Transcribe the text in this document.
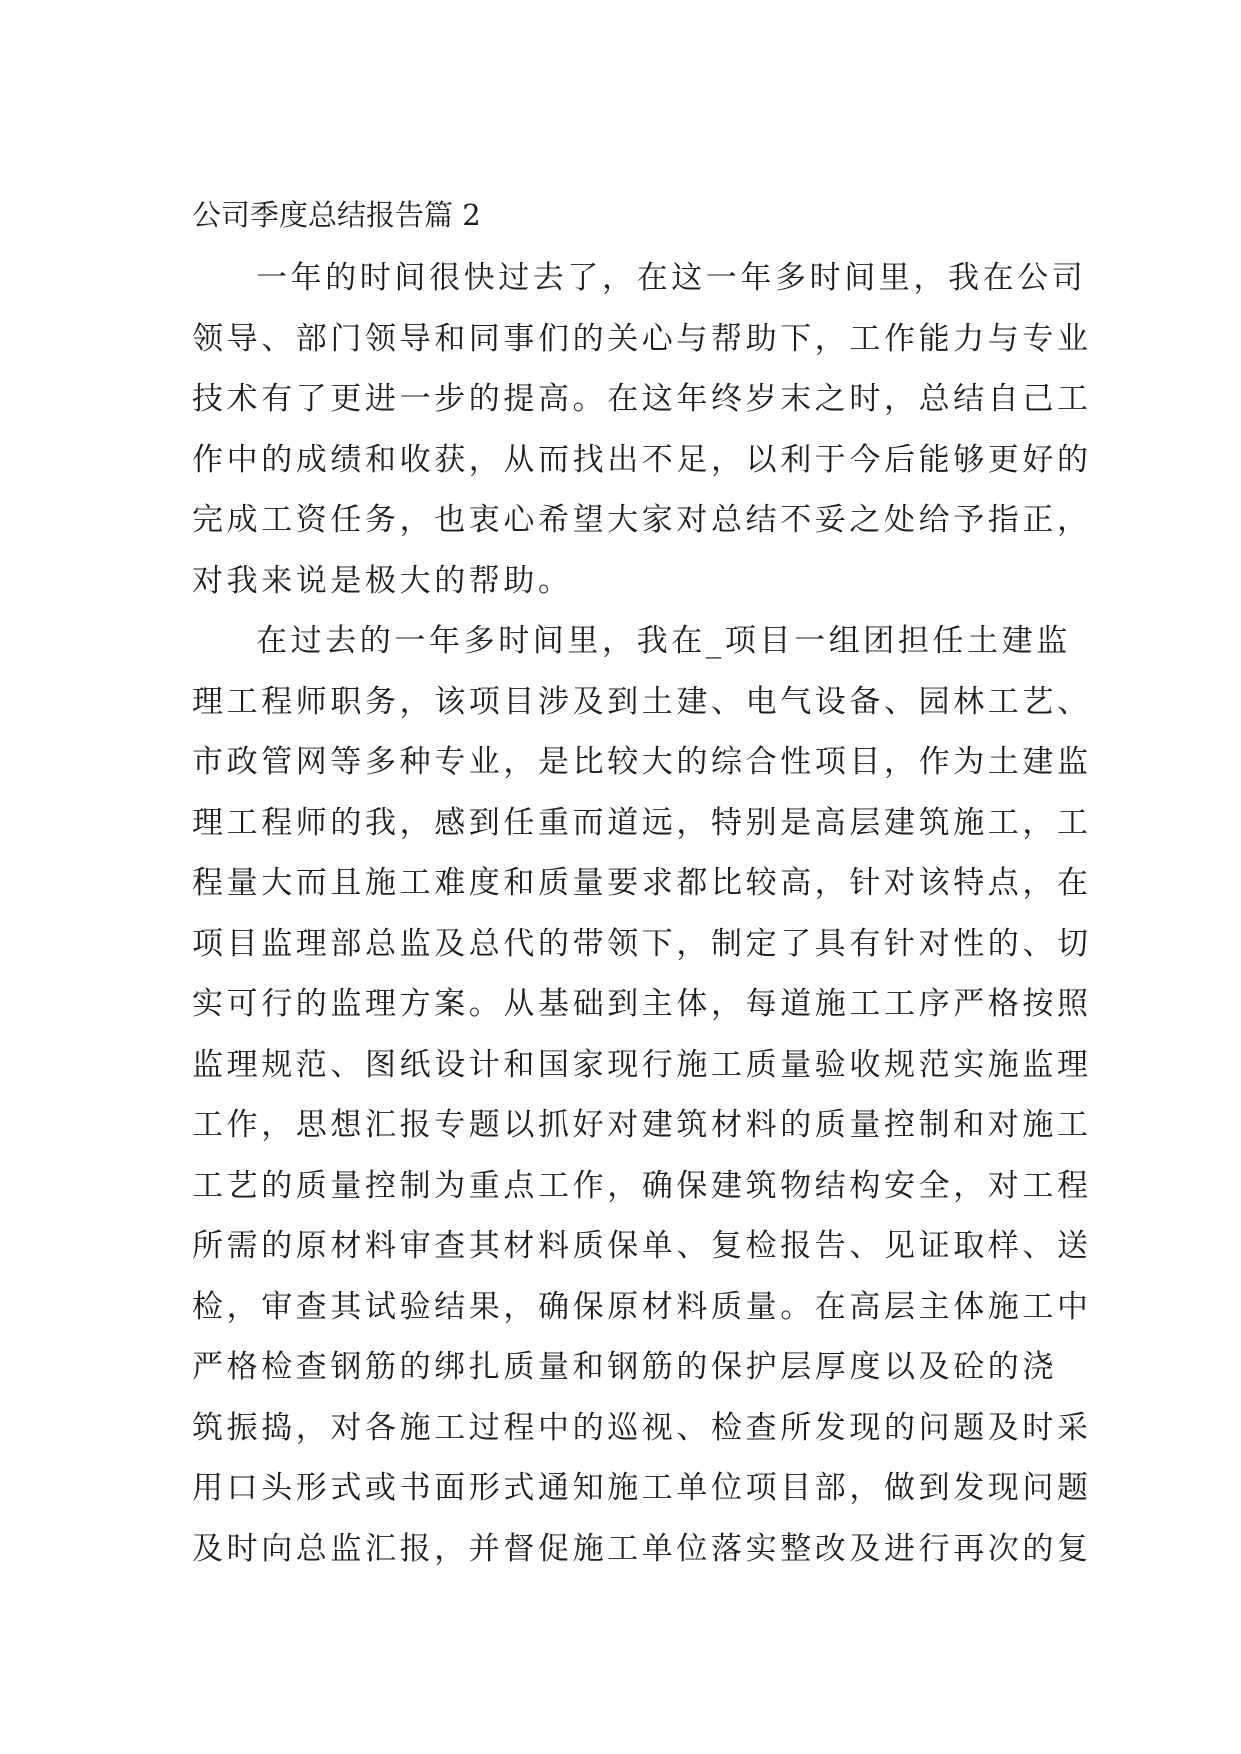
公司季度总结报告篇 2
一年的时间很快过去了，在这一年多时间里，我在公司
领导、部门领导和同事们的关心与帮助下，工作能力与专业
技术有了更进一步的提高。在这年终岁末之时，总结自己工
作中的成绩和收获，从而找出不足，以利于今后能够更好的
完成工资任务，也衷心希望大家对总结不妥之处给予指正，
对我来说是极大的帮助。
在过去的一年多时间里，我在_项目一组团担任土建监
理工程师职务，该项目涉及到土建、电气设备、园林工艺、
市政管网等多种专业，是比较大的综合性项目，作为土建监
理工程师的我，感到任重而道远，特别是高层建筑施工，工
程量大而且施工难度和质量要求都比较高，针对该特点，在
项目监理部总监及总代的带领下，制定了具有针对性的、切
实可行的监理方案。从基础到主体，每道施工工序严格按照
监理规范、图纸设计和国家现行施工质量验收规范实施监理
工作，思想汇报专题以抓好对建筑材料的质量控制和对施工
工艺的质量控制为重点工作，确保建筑物结构安全，对工程
所需的原材料审查其材料质保单、复检报告、见证取样、送
检，审查其试验结果，确保原材料质量。在高层主体施工中
严格检查钢筋的绑扎质量和钢筋的保护层厚度以及砼的浇
筑振捣，对各施工过程中的巡视、检查所发现的问题及时采
用口头形式或书面形式通知施工单位项目部，做到发现问题
及时向总监汇报，并督促施工单位落实整改及进行再次的复
